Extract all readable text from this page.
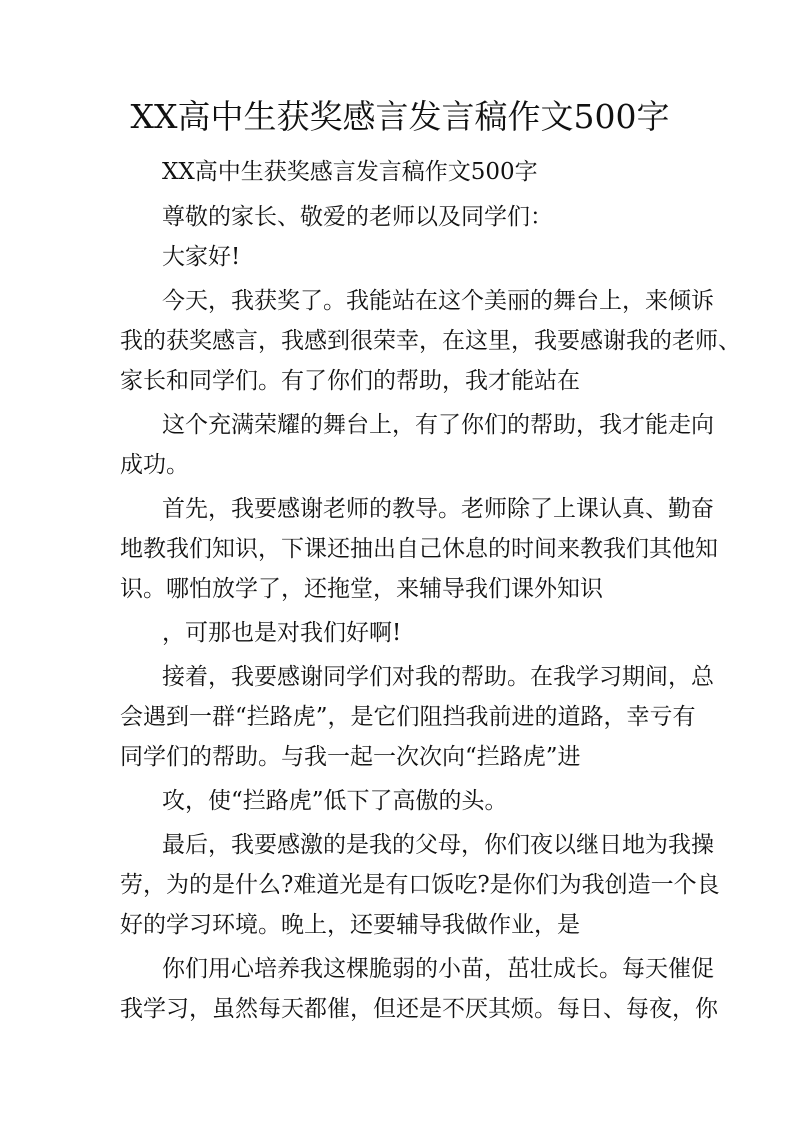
XX高中生获奖感言发言稿作文500字
XX高中生获奖感言发言稿作文500字
尊敬的家长、敬爱的老师以及同学们：
大家好!
今天，我获奖了。我能站在这个美丽的舞台上，来倾诉
我的获奖感言，我感到很荣幸，在这里，我要感谢我的老师、
家长和同学们。有了你们的帮助，我才能站在
这个充满荣耀的舞台上，有了你们的帮助，我才能走向
成功。
首先，我要感谢老师的教导。老师除了上课认真、勤奋
地教我们知识，下课还抽出自己休息的时间来教我们其他知
识。哪怕放学了，还拖堂，来辅导我们课外知识
，可那也是对我们好啊!
接着，我要感谢同学们对我的帮助。在我学习期间，总
会遇到一群“拦路虎”，是它们阻挡我前进的道路，幸亏有
同学们的帮助。与我一起一次次向“拦路虎”进
攻，使“拦路虎”低下了高傲的头。
最后，我要感激的是我的父母，你们夜以继日地为我操
劳，为的是什么?难道光是有口饭吃?是你们为我创造一个良
好的学习环境。晚上，还要辅导我做作业，是
你们用心培养我这棵脆弱的小苗，茁壮成长。每天催促
我学习，虽然每天都催，但还是不厌其烦。每日、每夜，你
